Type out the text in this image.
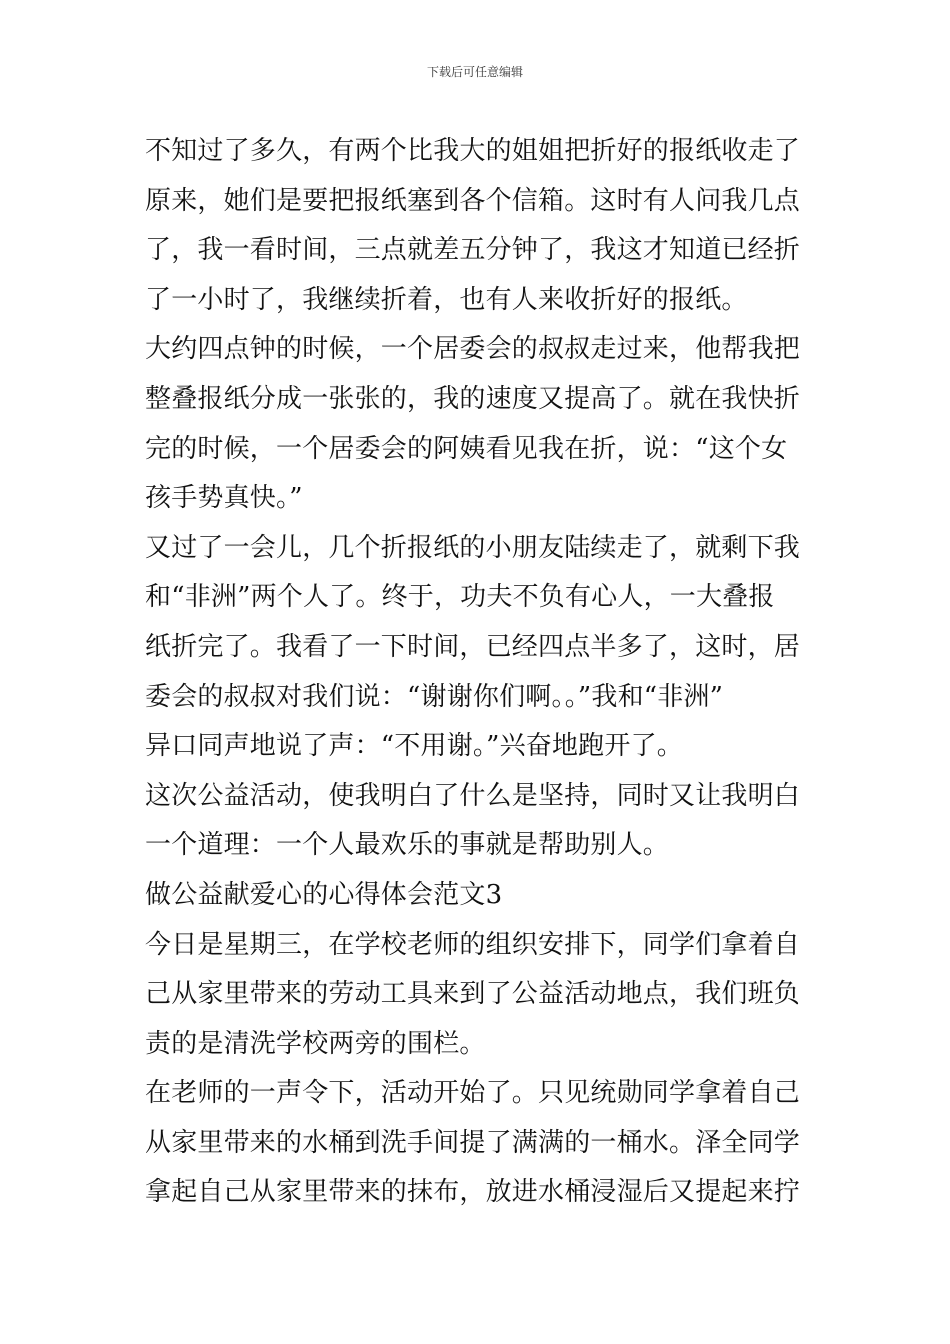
下载后可任意编辑
不知过了多久，有两个比我大的姐姐把折好的报纸收走了
原来，她们是要把报纸塞到各个信箱。这时有人问我几点
了，我一看时间，三点就差五分钟了，我这才知道已经折
了一小时了，我继续折着，也有人来收折好的报纸。
大约四点钟的时候，一个居委会的叔叔走过来，他帮我把
整叠报纸分成一张张的，我的速度又提高了。就在我快折
完的时候，一个居委会的阿姨看见我在折，说：“这个女
孩手势真快。”
又过了一会儿，几个折报纸的小朋友陆续走了，就剩下我
和“非洲”两个人了。终于，功夫不负有心人，一大叠报
纸折完了。我看了一下时间，已经四点半多了，这时，居
委会的叔叔对我们说：“谢谢你们啊。。”我和“非洲”
异口同声地说了声：“不用谢。”兴奋地跑开了。
这次公益活动，使我明白了什么是坚持，同时又让我明白
一个道理：一个人最欢乐的事就是帮助别人。
做公益献爱心的心得体会范文3
今日是星期三，在学校老师的组织安排下，同学们拿着自
己从家里带来的劳动工具来到了公益活动地点，我们班负
责的是清洗学校两旁的围栏。
在老师的一声令下，活动开始了。只见统勋同学拿着自己
从家里带来的水桶到洗手间提了满满的一桶水。泽全同学
拿起自己从家里带来的抹布，放进水桶浸湿后又提起来拧
